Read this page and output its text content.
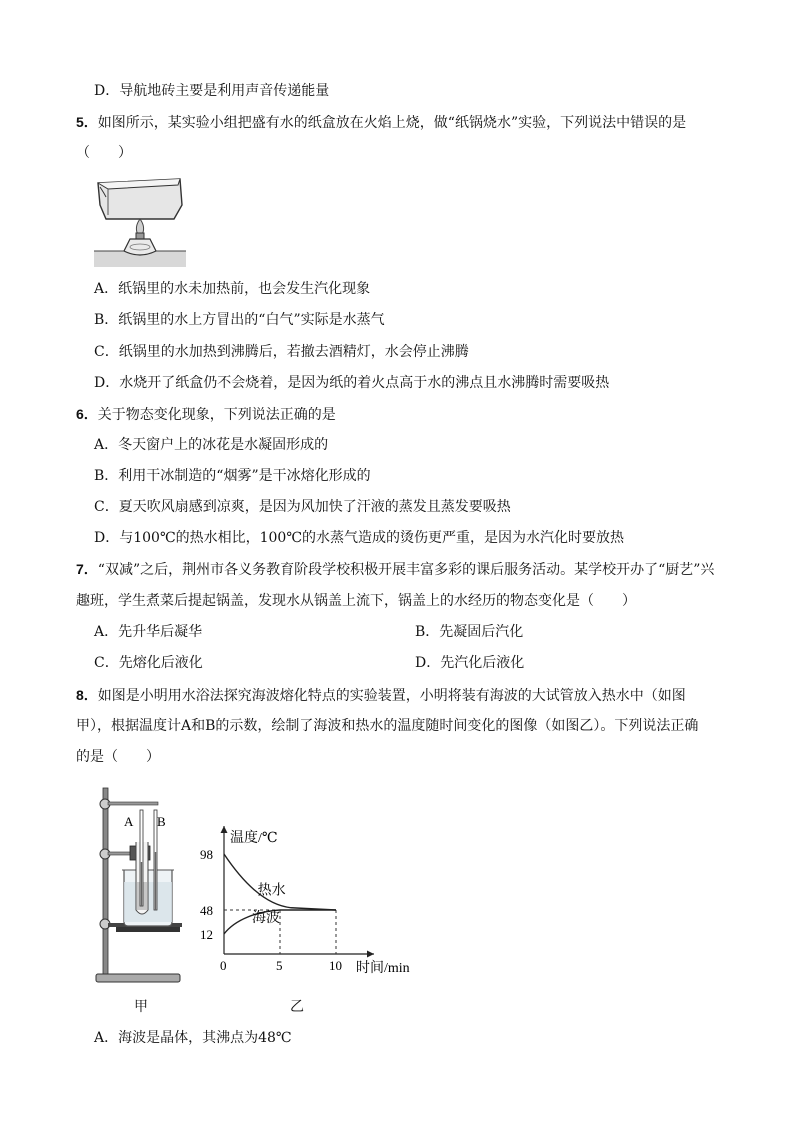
D．导航地砖主要是利用声音传递能量
5．如图所示，某实验小组把盛有水的纸盒放在火焰上烧，做“纸锅烧水”实验，下列说法中错误的是
（　　）
A．纸锅里的水未加热前，也会发生汽化现象
B．纸锅里的水上方冒出的“白气”实际是水蒸气
C．纸锅里的水加热到沸腾后，若撤去酒精灯，水会停止沸腾
D．水烧开了纸盒仍不会烧着，是因为纸的着火点高于水的沸点且水沸腾时需要吸热
6．关于物态变化现象，下列说法正确的是
A．冬天窗户上的冰花是水凝固形成的
B．利用干冰制造的“烟雾”是干冰熔化形成的
C．夏天吹风扇感到凉爽，是因为风加快了汗液的蒸发且蒸发要吸热
D．与100℃的热水相比，100℃的水蒸气造成的烫伤更严重，是因为水汽化时要放热
7．“双减”之后，荆州市各义务教育阶段学校积极开展丰富多彩的课后服务活动。某学校开办了“厨艺”兴
趣班，学生煮菜后提起锅盖，发现水从锅盖上流下，锅盖上的水经历的物态变化是（　　）
A．先升华后凝华	B．先凝固后汽化
C．先熔化后液化	D．先汽化后液化
8．如图是小明用水浴法探究海波熔化特点的实验装置，小明将装有海波的大试管放入热水中（如图
甲），根据温度计A和B的示数，绘制了海波和热水的温度随时间变化的图像（如图乙）。下列说法正确
的是（　　）
A B
甲
热水
海波
12
48
98
0	5	10
温度/℃
时间/min
乙
A．海波是晶体，其沸点为48℃
